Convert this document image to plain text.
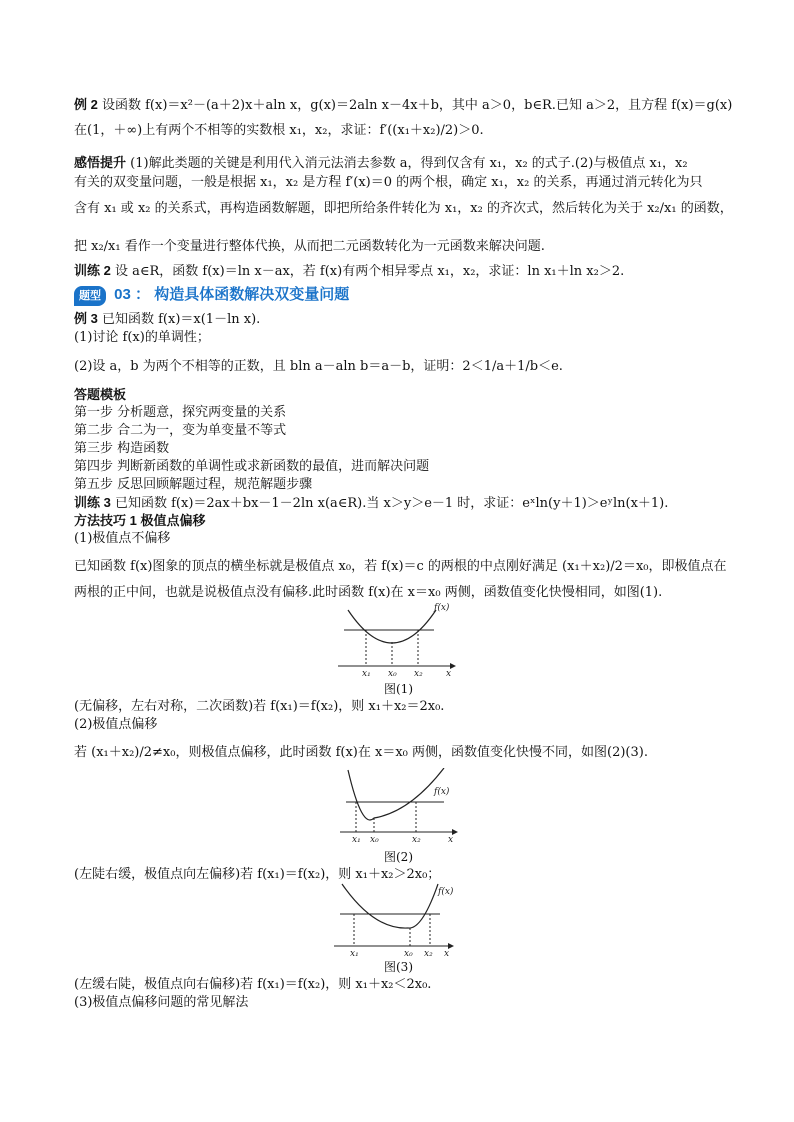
例 2 设函数 f(x)＝x²－(a＋2)x＋aln x，g(x)＝2aln x－4x＋b，其中 a＞0，b∈R.已知 a＞2，且方程 f(x)＝g(x)
在(1，＋∞)上有两个不相等的实数根 x₁，x₂，求证：f′((x₁＋x₂)/2)＞0.
感悟提升 (1)解此类题的关键是利用代入消元法消去参数 a，得到仅含有 x₁，x₂ 的式子.(2)与极值点 x₁，x₂
有关的双变量问题，一般是根据 x₁，x₂ 是方程 f′(x)＝0 的两个根，确定 x₁，x₂ 的关系，再通过消元转化为只
含有 x₁ 或 x₂ 的关系式，再构造函数解题，即把所给条件转化为 x₁，x₂ 的齐次式，然后转化为关于 x₂/x₁ 的函数，
把 x₂/x₁ 看作一个变量进行整体代换，从而把二元函数转化为一元函数来解决问题.
训练 2 设 a∈R，函数 f(x)＝ln x－ax，若 f(x)有两个相异零点 x₁，x₂，求证：ln x₁＋ln x₂＞2.
题型 03 ： 构造具体函数解决双变量问题
例 3 已知函数 f(x)＝x(1－ln x).
(1)讨论 f(x)的单调性；
(2)设 a，b 为两个不相等的正数，且 bln a－aln b＝a－b，证明：2＜1/a＋1/b＜e.
答题模板
第一步 分析题意，探究两变量的关系
第二步 合二为一，变为单变量不等式
第三步 构造函数
第四步 判断新函数的单调性或求新函数的最值，进而解决问题
第五步 反思回顾解题过程，规范解题步骤
训练 3 已知函数 f(x)＝2ax＋bx－1－2ln x(a∈R).当 x＞y＞e－1 时，求证：eˣln(y＋1)＞eʸln(x＋1).
方法技巧 1 极值点偏移
(1)极值点不偏移
已知函数 f(x)图象的顶点的横坐标就是极值点 x₀，若 f(x)＝c 的两根的中点刚好满足 (x₁＋x₂)/2＝x₀，即极值点在
两根的正中间，也就是说极值点没有偏移.此时函数 f(x)在 x＝x₀ 两侧，函数值变化快慢相同，如图(1).
f(x)
x₁ x₀ x₂	x
图(1)
(无偏移，左右对称，二次函数)若 f(x₁)＝f(x₂)，则 x₁＋x₂＝2x₀.
(2)极值点偏移
若 (x₁＋x₂)/2≠x₀，则极值点偏移，此时函数 f(x)在 x＝x₀ 两侧，函数值变化快慢不同，如图(2)(3).
f(x)
x₁ x₀	x₂	x
图(2)
(左陡右缓，极值点向左偏移)若 f(x₁)＝f(x₂)，则 x₁＋x₂＞2x₀；
f(x)
x₁	x₀ x₂ x
图(3)
(左缓右陡，极值点向右偏移)若 f(x₁)＝f(x₂)，则 x₁＋x₂＜2x₀.
(3)极值点偏移问题的常见解法
